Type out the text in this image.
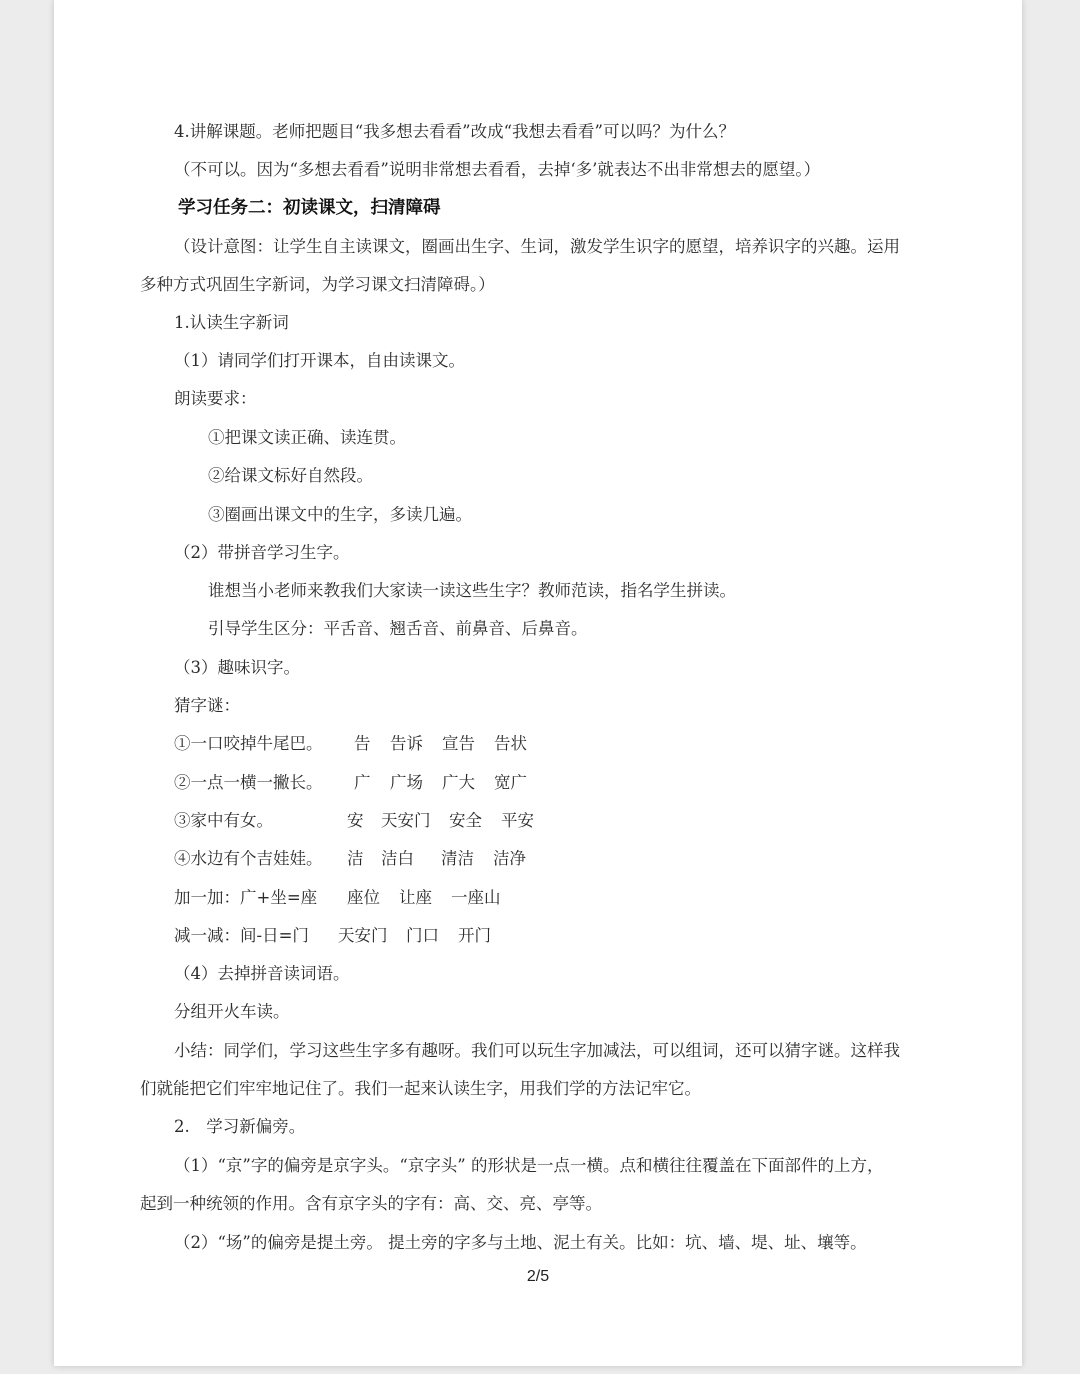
4.讲解课题。老师把题目“我多想去看看”改成“我想去看看”可以吗？为什么？
（不可以。因为“多想去看看”说明非常想去看看，去掉‘多’就表达不出非常想去的愿望。）
学习任务二：初读课文，扫清障碍
（设计意图：让学生自主读课文，圈画出生字、生词，激发学生识字的愿望，培养识字的兴趣。运用
多种方式巩固生字新词，为学习课文扫清障碍。）
1.认读生字新词
（1）请同学们打开课本，自由读课文。
朗读要求：
①把课文读正确、读连贯。
②给课文标好自然段。
③圈画出课文中的生字，多读几遍。
（2）带拼音学习生字。
谁想当小老师来教我们大家读一读这些生字？教师范读，指名学生拼读。
引导学生区分：平舌音、翘舌音、前鼻音、后鼻音。
（3）趣味识字。
猜字谜：
①一口咬掉牛尾巴。 告 告诉 宣告 告状
②一点一横一撇长。 广 广场 广大 宽广
③家中有女。	安 天安门 安全 平安
④水边有个吉娃娃。 洁 洁白 清洁 洁净
加一加：广+坐=座 座位 让座 一座山
减一减：间-日=门 天安门 门口 开门
（4）去掉拼音读词语。
分组开火车读。
小结：同学们，学习这些生字多有趣呀。我们可以玩生字加减法，可以组词，还可以猜字谜。这样我
们就能把它们牢牢地记住了。我们一起来认读生字，用我们学的方法记牢它。
2.　学习新偏旁。
（1）“京”字的偏旁是京字头。“京字头” 的形状是一点一横。点和横往往覆盖在下面部件的上方，
起到一种统领的作用。含有京字头的字有：高、交、亮、亭等。
（2）“场”的偏旁是提土旁。 提土旁的字多与土地、泥土有关。比如：坑、墙、堤、址、壤等。
2/5
